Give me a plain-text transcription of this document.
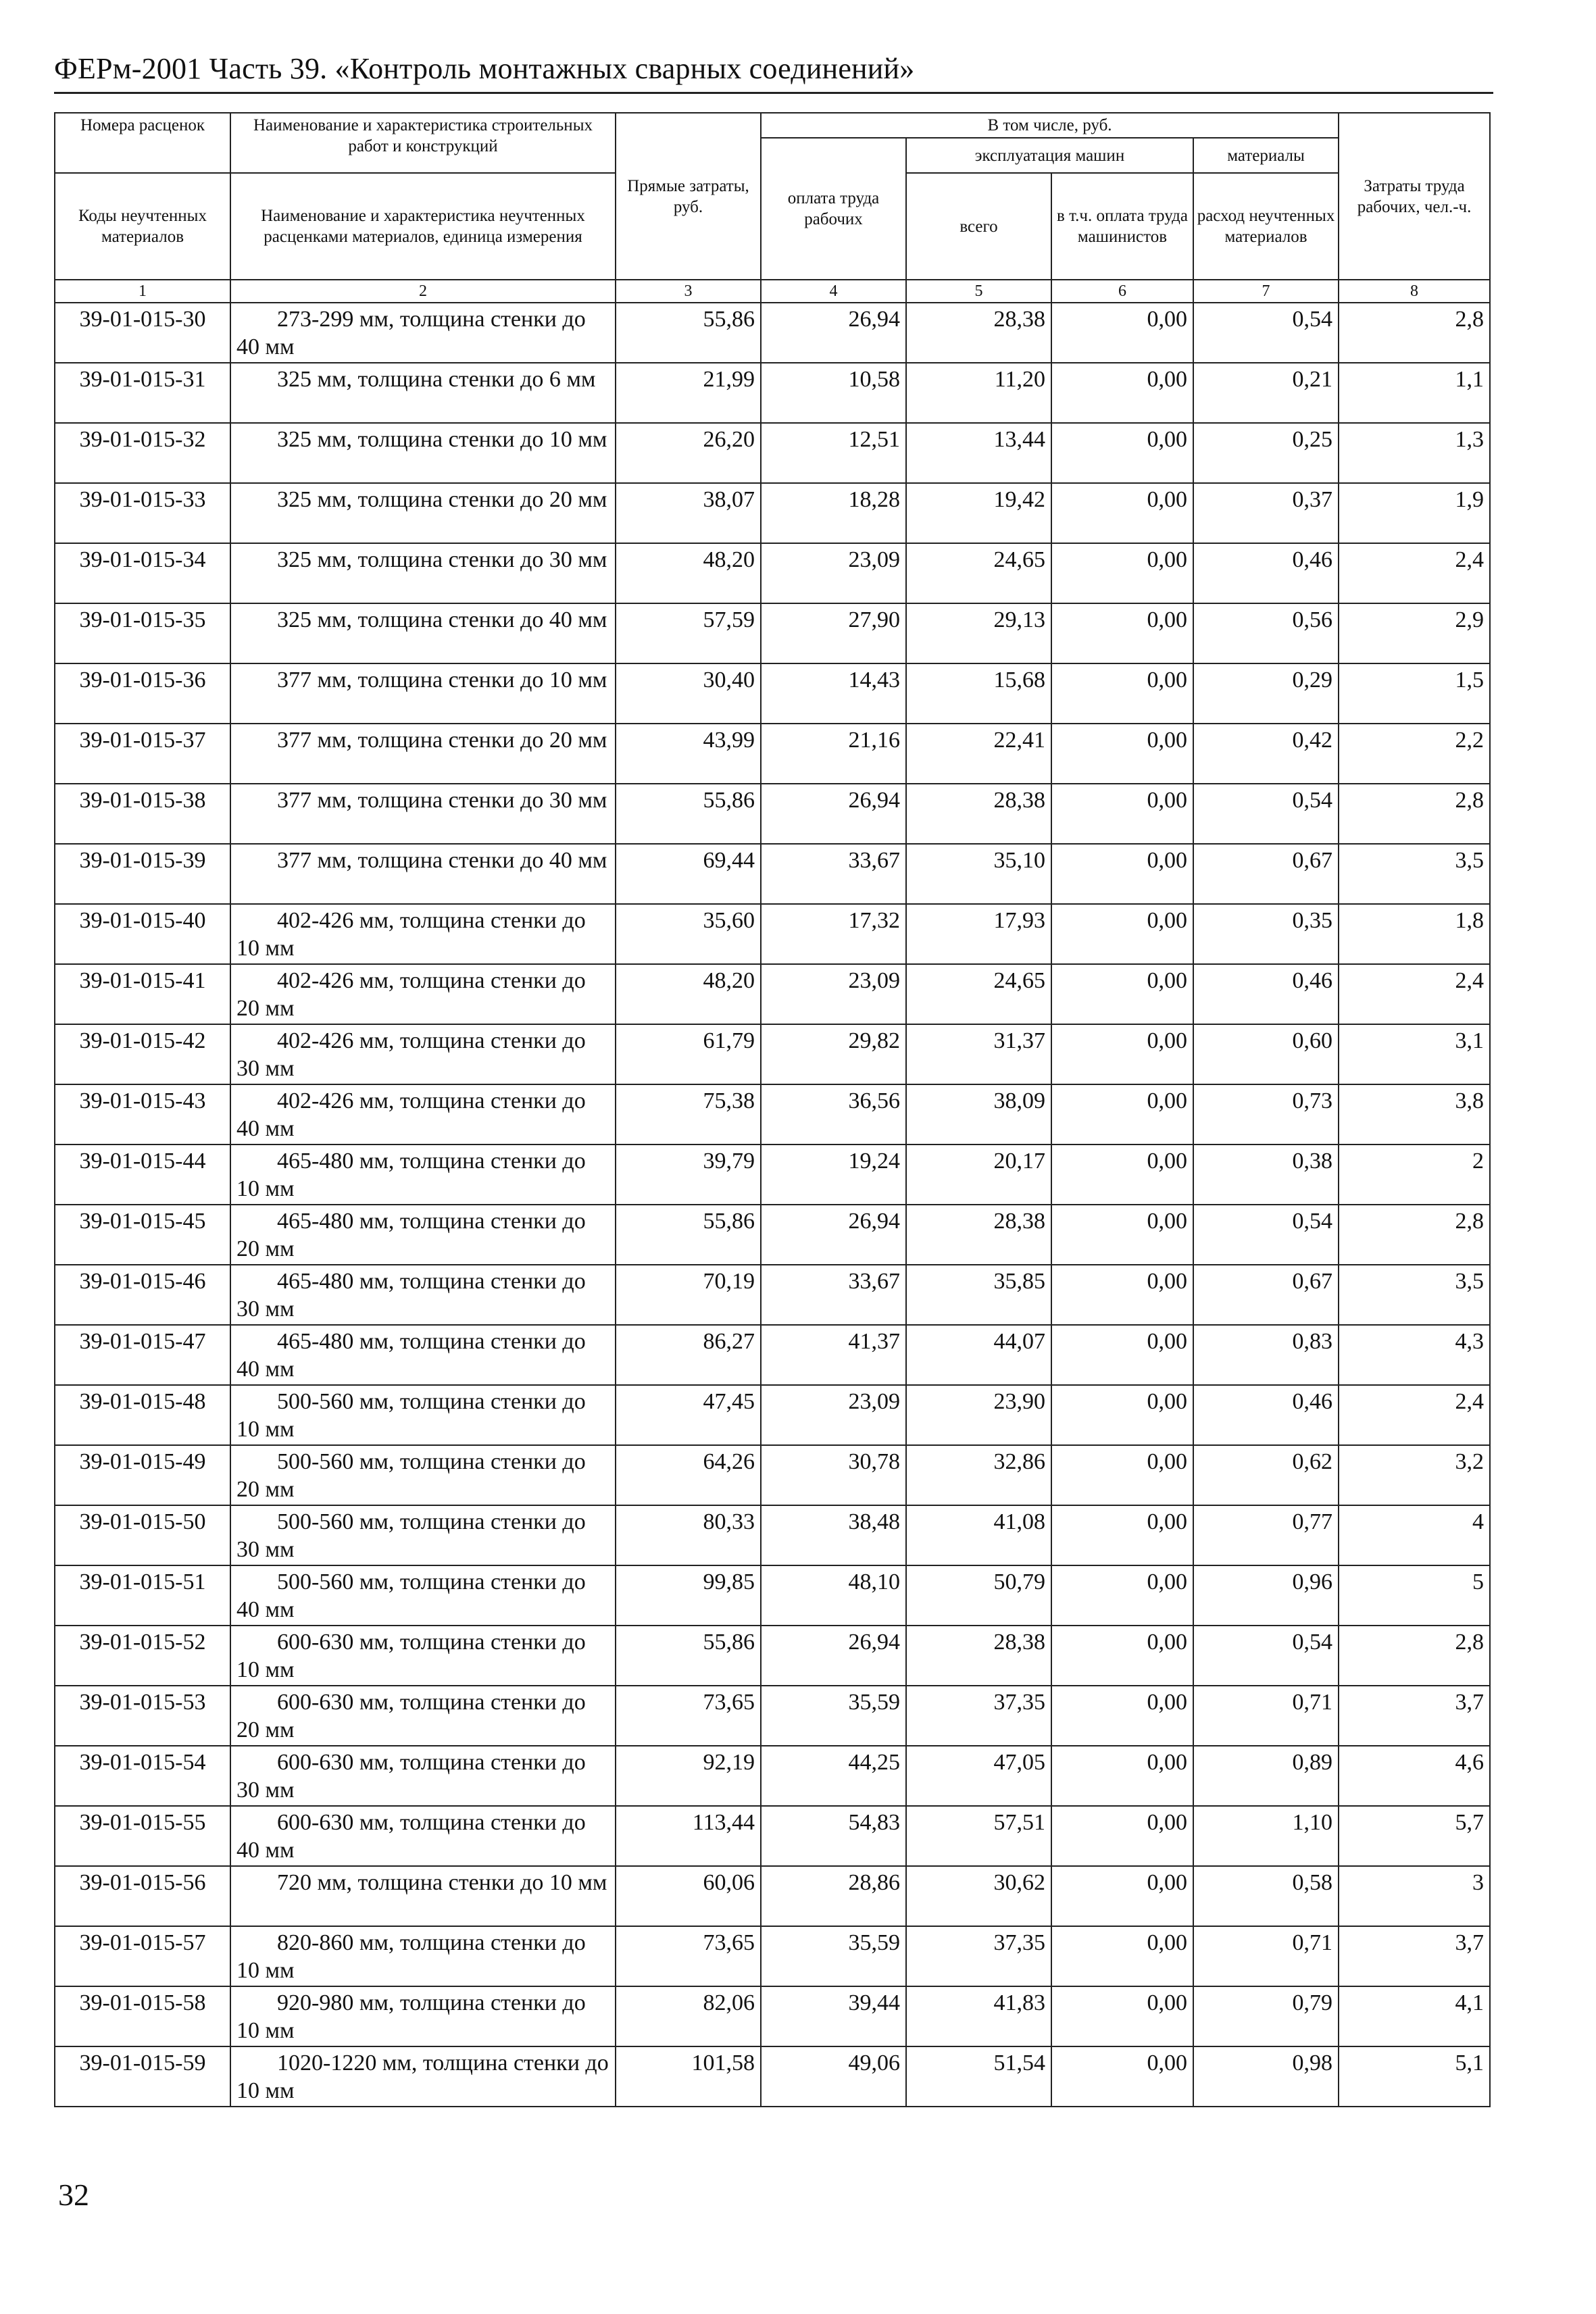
ФЕРм-2001 Часть 39. «Контроль монтажных сварных соединений»
Номера расценок	Наименование и характеристика строительных работ и конструкций	Прямые затраты, руб.	В том числе, руб.				Затраты труда рабочих, чел.-ч.
			оплата труда рабочих	эксплуатация машин		материалы	
Коды неучтенных материалов	Наименование и характеристика неучтенных расценками материалов, единица измерения			всего	в т.ч. оплата труда машинистов	расход неучтенных материалов	
1	2	3	4	5	6	7	8
39-01-015-30	273-299 мм, толщина стенки до 40 мм	55,86	26,94	28,38	0,00	0,54	2,8
39-01-015-31	325 мм, толщина стенки до 6 мм	21,99	10,58	11,20	0,00	0,21	1,1
39-01-015-32	325 мм, толщина стенки до 10 мм	26,20	12,51	13,44	0,00	0,25	1,3
39-01-015-33	325 мм, толщина стенки до 20 мм	38,07	18,28	19,42	0,00	0,37	1,9
39-01-015-34	325 мм, толщина стенки до 30 мм	48,20	23,09	24,65	0,00	0,46	2,4
39-01-015-35	325 мм, толщина стенки до 40 мм	57,59	27,90	29,13	0,00	0,56	2,9
39-01-015-36	377 мм, толщина стенки до 10 мм	30,40	14,43	15,68	0,00	0,29	1,5
39-01-015-37	377 мм, толщина стенки до 20 мм	43,99	21,16	22,41	0,00	0,42	2,2
39-01-015-38	377 мм, толщина стенки до 30 мм	55,86	26,94	28,38	0,00	0,54	2,8
39-01-015-39	377 мм, толщина стенки до 40 мм	69,44	33,67	35,10	0,00	0,67	3,5
39-01-015-40	402-426 мм, толщина стенки до 10 мм	35,60	17,32	17,93	0,00	0,35	1,8
39-01-015-41	402-426 мм, толщина стенки до 20 мм	48,20	23,09	24,65	0,00	0,46	2,4
39-01-015-42	402-426 мм, толщина стенки до 30 мм	61,79	29,82	31,37	0,00	0,60	3,1
39-01-015-43	402-426 мм, толщина стенки до 40 мм	75,38	36,56	38,09	0,00	0,73	3,8
39-01-015-44	465-480 мм, толщина стенки до 10 мм	39,79	19,24	20,17	0,00	0,38	2
39-01-015-45	465-480 мм, толщина стенки до 20 мм	55,86	26,94	28,38	0,00	0,54	2,8
39-01-015-46	465-480 мм, толщина стенки до 30 мм	70,19	33,67	35,85	0,00	0,67	3,5
39-01-015-47	465-480 мм, толщина стенки до 40 мм	86,27	41,37	44,07	0,00	0,83	4,3
39-01-015-48	500-560 мм, толщина стенки до 10 мм	47,45	23,09	23,90	0,00	0,46	2,4
39-01-015-49	500-560 мм, толщина стенки до 20 мм	64,26	30,78	32,86	0,00	0,62	3,2
39-01-015-50	500-560 мм, толщина стенки до 30 мм	80,33	38,48	41,08	0,00	0,77	4
39-01-015-51	500-560 мм, толщина стенки до 40 мм	99,85	48,10	50,79	0,00	0,96	5
39-01-015-52	600-630 мм, толщина стенки до 10 мм	55,86	26,94	28,38	0,00	0,54	2,8
39-01-015-53	600-630 мм, толщина стенки до 20 мм	73,65	35,59	37,35	0,00	0,71	3,7
39-01-015-54	600-630 мм, толщина стенки до 30 мм	92,19	44,25	47,05	0,00	0,89	4,6
39-01-015-55	600-630 мм, толщина стенки до 40 мм	113,44	54,83	57,51	0,00	1,10	5,7
39-01-015-56	720 мм, толщина стенки до 10 мм	60,06	28,86	30,62	0,00	0,58	3
39-01-015-57	820-860 мм, толщина стенки до 10 мм	73,65	35,59	37,35	0,00	0,71	3,7
39-01-015-58	920-980 мм, толщина стенки до 10 мм	82,06	39,44	41,83	0,00	0,79	4,1
39-01-015-59	1020-1220 мм, толщина стенки до 10 мм	101,58	49,06	51,54	0,00	0,98	5,1
32
